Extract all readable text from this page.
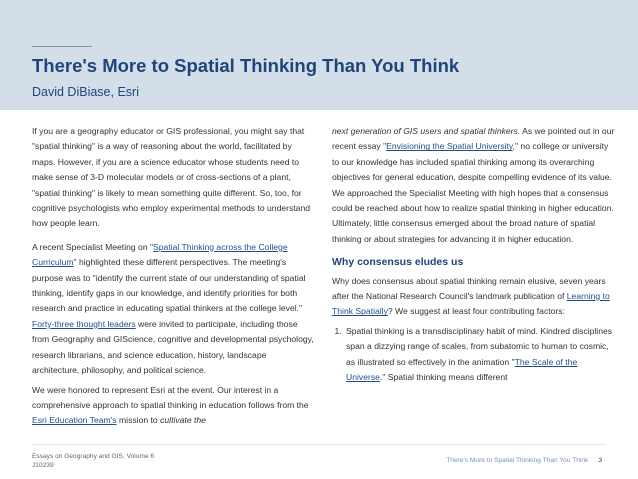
There's More to Spatial Thinking Than You Think

David DiBiase, Esri

If you are a geography educator or GIS professional, you might say that "spatial thinking" is a way of reasoning about the world, facilitated by maps. However, if you are a science educator whose students need to make sense of 3-D molecular models or of cross-sections of a plant, "spatial thinking" is likely to mean something quite different. So, too, for cognitive psychologists who employ experimental methods to understand how people learn.

A recent Specialist Meeting on "Spatial Thinking across the College Curriculum" highlighted these different perspectives. The meeting's purpose was to "identify the current state of our understanding of spatial thinking, identify gaps in our knowledge, and identify priorities for both research and practice in educating spatial thinkers at the college level." Forty-three thought leaders were invited to participate, including those from Geography and GIScience, cognitive and developmental psychology, research librarians, and science education, history, landscape architecture, philosophy, and political science.

We were honored to represent Esri at the event. Our interest in a comprehensive approach to spatial thinking in education follows from the Esri Education Team's mission to cultivate the

next generation of GIS users and spatial thinkers. As we pointed out in our recent essay "Envisioning the Spatial University," no college or university to our knowledge has included spatial thinking among its overarching objectives for general education, despite compelling evidence of its value. We approached the Specialist Meeting with high hopes that a consensus could be reached about how to realize spatial thinking in higher education. Ultimately, little consensus emerged about the broad nature of spatial thinking or about strategies for advancing it in higher education.

Why consensus eludes us

Why does consensus about spatial thinking remain elusive, seven years after the National Research Council's landmark publication of Learning to Think Spatially? We suggest at least four contributing factors:

1. Spatial thinking is a transdisciplinary habit of mind. Kindred disciplines span a dizzying range of scales, from subatomic to human to cosmic, as illustrated so effectively in the animation "The Scale of the Universe." Spatial thinking means different
Essays on Geography and GIS, Volume 6
J10239
There's More to Spatial Thinking Than You Think 3
